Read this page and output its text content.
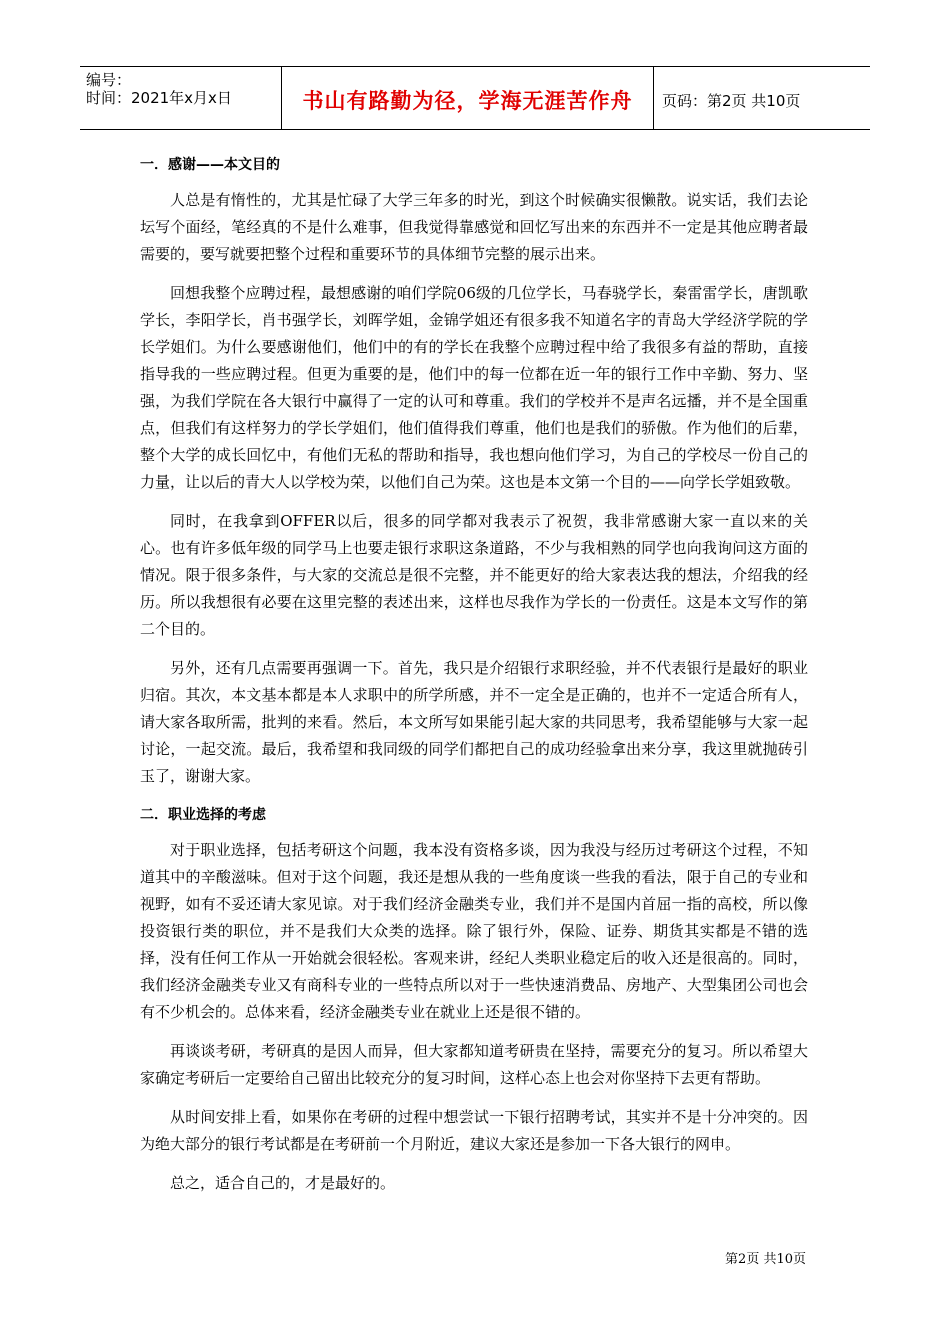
编号：
时间：2021年x月x日	书山有路勤为径，学海无涯苦作舟 页码：第2页 共10页

一．感谢——本文目的

人总是有惰性的，尤其是忙碌了大学三年多的时光，到这个时候确实很懒散。说实话，我们去论坛写个面经，笔经真的不是什么难事，但我觉得靠感觉和回忆写出来的东西并不一定是其他应聘者最需要的，要写就要把整个过程和重要环节的具体细节完整的展示出来。

回想我整个应聘过程，最想感谢的咱们学院06级的几位学长，马春骁学长，秦雷雷学长，唐凯歌学长，李阳学长，肖书强学长，刘晖学姐，金锦学姐还有很多我不知道名字的青岛大学经济学院的学长学姐们。为什么要感谢他们，他们中的有的学长在我整个应聘过程中给了我很多有益的帮助，直接指导我的一些应聘过程。但更为重要的是，他们中的每一位都在近一年的银行工作中辛勤、努力、坚强，为我们学院在各大银行中赢得了一定的认可和尊重。我们的学校并不是声名远播，并不是全国重点，但我们有这样努力的学长学姐们，他们值得我们尊重，他们也是我们的骄傲。作为他们的后辈，整个大学的成长回忆中，有他们无私的帮助和指导，我也想向他们学习，为自己的学校尽一份自己的力量，让以后的青大人以学校为荣，以他们自己为荣。这也是本文第一个目的——向学长学姐致敬。

同时，在我拿到OFFER以后，很多的同学都对我表示了祝贺，我非常感谢大家一直以来的关心。也有许多低年级的同学马上也要走银行求职这条道路，不少与我相熟的同学也向我询问这方面的情况。限于很多条件，与大家的交流总是很不完整，并不能更好的给大家表达我的想法，介绍我的经历。所以我想很有必要在这里完整的表述出来，这样也尽我作为学长的一份责任。这是本文写作的第二个目的。

另外，还有几点需要再强调一下。首先，我只是介绍银行求职经验，并不代表银行是最好的职业归宿。其次，本文基本都是本人求职中的所学所感，并不一定全是正确的，也并不一定适合所有人，请大家各取所需，批判的来看。然后，本文所写如果能引起大家的共同思考，我希望能够与大家一起讨论，一起交流。最后，我希望和我同级的同学们都把自己的成功经验拿出来分享，我这里就抛砖引玉了，谢谢大家。

二．职业选择的考虑

对于职业选择，包括考研这个问题，我本没有资格多谈，因为我没与经历过考研这个过程，不知道其中的辛酸滋味。但对于这个问题，我还是想从我的一些角度谈一些我的看法，限于自己的专业和视野，如有不妥还请大家见谅。对于我们经济金融类专业，我们并不是国内首屈一指的高校，所以像投资银行类的职位，并不是我们大众类的选择。除了银行外，保险、证券、期货其实都是不错的选择，没有任何工作从一开始就会很轻松。客观来讲，经纪人类职业稳定后的收入还是很高的。同时，我们经济金融类专业又有商科专业的一些特点所以对于一些快速消费品、房地产、大型集团公司也会有不少机会的。总体来看，经济金融类专业在就业上还是很不错的。

再谈谈考研，考研真的是因人而异，但大家都知道考研贵在坚持，需要充分的复习。所以希望大家确定考研后一定要给自己留出比较充分的复习时间，这样心态上也会对你坚持下去更有帮助。

从时间安排上看，如果你在考研的过程中想尝试一下银行招聘考试，其实并不是十分冲突的。因为绝大部分的银行考试都是在考研前一个月附近，建议大家还是参加一下各大银行的网申。

总之，适合自己的，才是最好的。

第2页 共10页
